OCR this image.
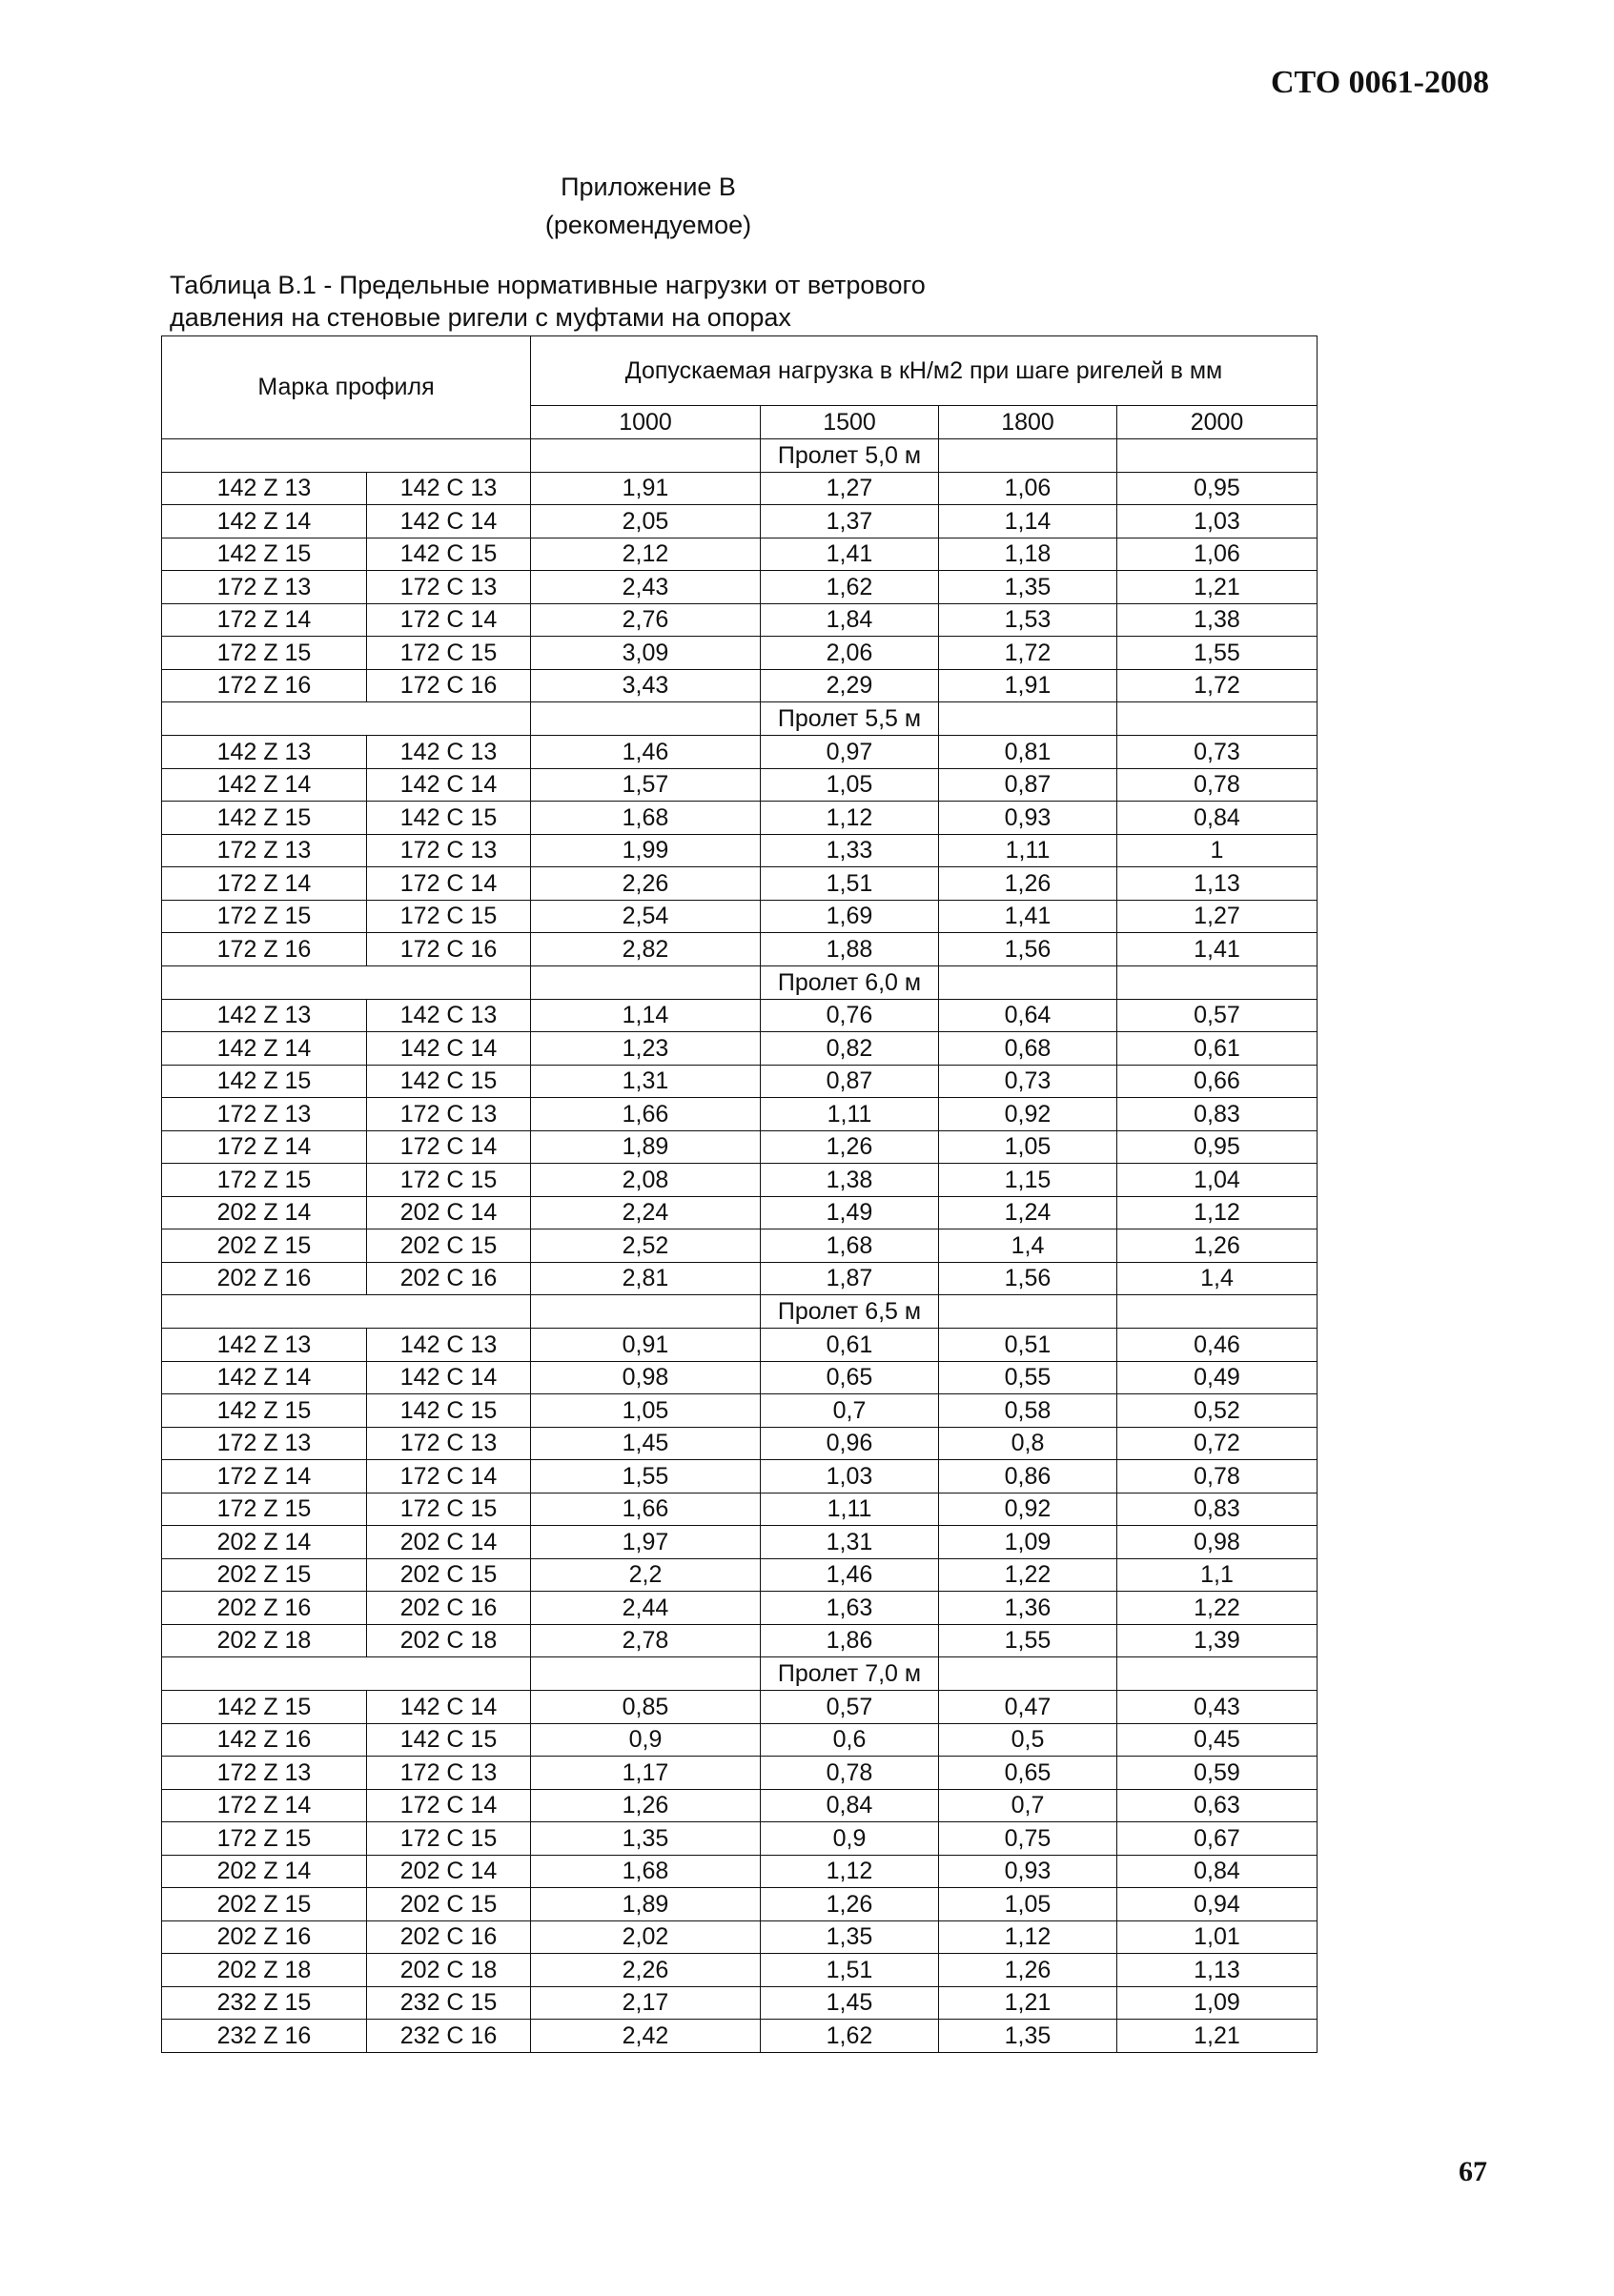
СТО 0061-2008
Приложение В
(рекомендуемое)
Таблица В.1 - Предельные нормативные нагрузки от ветрового
давления на стеновые ригели с муфтами на опорах
Марка профиля		Допускаемая нагрузка в кН/м2 при шаге ригелей в мм			
		1000	1500	1800	2000
			Пролет 5,0 м		
142 Z 13	142 C 13	1,91	1,27	1,06	0,95
142 Z 14	142 C 14	2,05	1,37	1,14	1,03
142 Z 15	142 C 15	2,12	1,41	1,18	1,06
172 Z 13	172 C 13	2,43	1,62	1,35	1,21
172 Z 14	172 C 14	2,76	1,84	1,53	1,38
172 Z 15	172 C 15	3,09	2,06	1,72	1,55
172 Z 16	172 C 16	3,43	2,29	1,91	1,72
			Пролет 5,5 м		
142 Z 13	142 C 13	1,46	0,97	0,81	0,73
142 Z 14	142 C 14	1,57	1,05	0,87	0,78
142 Z 15	142 C 15	1,68	1,12	0,93	0,84
172 Z 13	172 C 13	1,99	1,33	1,11	1
172 Z 14	172 C 14	2,26	1,51	1,26	1,13
172 Z 15	172 C 15	2,54	1,69	1,41	1,27
172 Z 16	172 C 16	2,82	1,88	1,56	1,41
			Пролет 6,0 м		
142 Z 13	142 C 13	1,14	0,76	0,64	0,57
142 Z 14	142 C 14	1,23	0,82	0,68	0,61
142 Z 15	142 C 15	1,31	0,87	0,73	0,66
172 Z 13	172 C 13	1,66	1,11	0,92	0,83
172 Z 14	172 C 14	1,89	1,26	1,05	0,95
172 Z 15	172 C 15	2,08	1,38	1,15	1,04
202 Z 14	202 C 14	2,24	1,49	1,24	1,12
202 Z 15	202 C 15	2,52	1,68	1,4	1,26
202 Z 16	202 C 16	2,81	1,87	1,56	1,4
			Пролет 6,5 м		
142 Z 13	142 C 13	0,91	0,61	0,51	0,46
142 Z 14	142 C 14	0,98	0,65	0,55	0,49
142 Z 15	142 C 15	1,05	0,7	0,58	0,52
172 Z 13	172 C 13	1,45	0,96	0,8	0,72
172 Z 14	172 C 14	1,55	1,03	0,86	0,78
172 Z 15	172 C 15	1,66	1,11	0,92	0,83
202 Z 14	202 C 14	1,97	1,31	1,09	0,98
202 Z 15	202 C 15	2,2	1,46	1,22	1,1
202 Z 16	202 C 16	2,44	1,63	1,36	1,22
202 Z 18	202 C 18	2,78	1,86	1,55	1,39
			Пролет 7,0 м		
142 Z 15	142 C 14	0,85	0,57	0,47	0,43
142 Z 16	142 C 15	0,9	0,6	0,5	0,45
172 Z 13	172 C 13	1,17	0,78	0,65	0,59
172 Z 14	172 C 14	1,26	0,84	0,7	0,63
172 Z 15	172 C 15	1,35	0,9	0,75	0,67
202 Z 14	202 C 14	1,68	1,12	0,93	0,84
202 Z 15	202 C 15	1,89	1,26	1,05	0,94
202 Z 16	202 C 16	2,02	1,35	1,12	1,01
202 Z 18	202 C 18	2,26	1,51	1,26	1,13
232 Z 15	232 C 15	2,17	1,45	1,21	1,09
232 Z 16	232 C 16	2,42	1,62	1,35	1,21
67
